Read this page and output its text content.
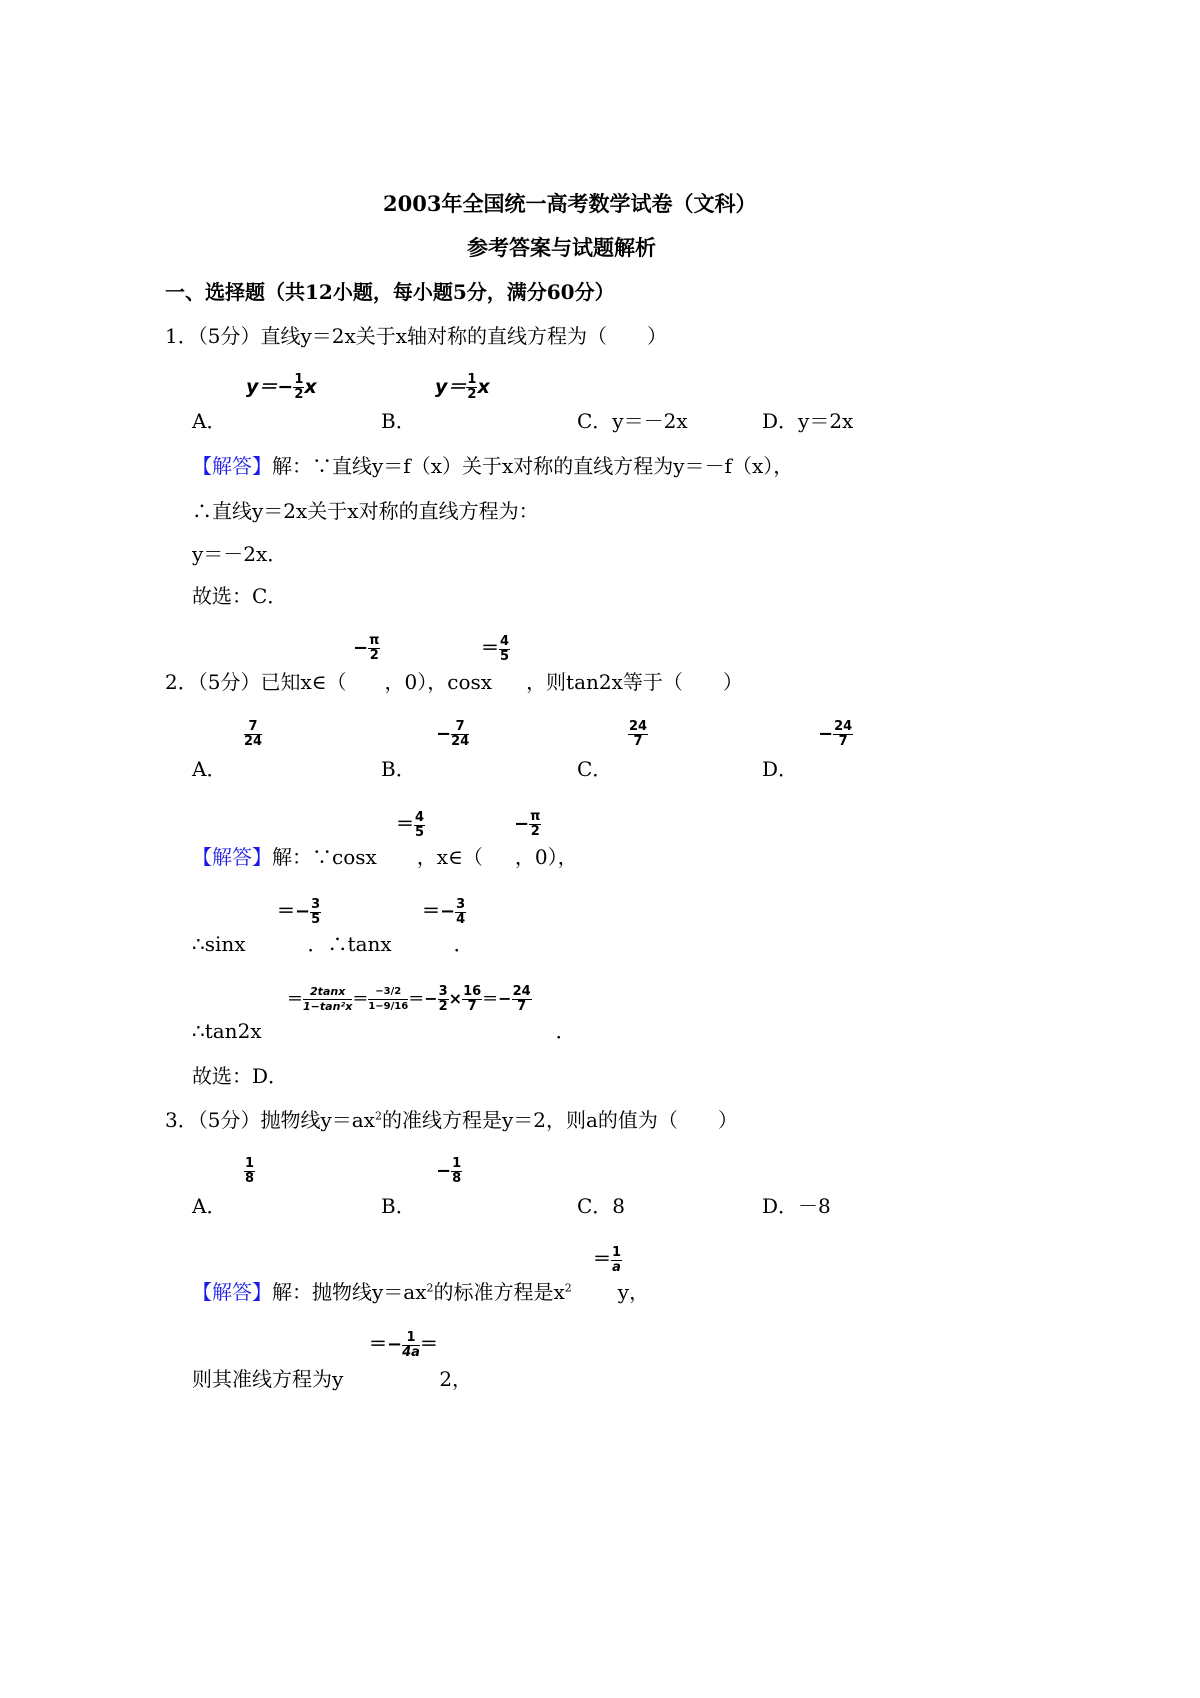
2003年全国统一高考数学试卷（文科）
参考答案与试题解析
一、选择题（共12小题，每小题5分，满分60分）
1．（5分）直线y＝2x关于x轴对称的直线方程为（　　）
A．
$y=- \frac{1}{2}$ x
B．
$y= \frac{1}{2}$ x
C．y＝－2x	D．y＝2x
【解答】解：∵直线y＝f（x）关于x对称的直线方程为y＝－f（x），
∴直线y＝2x关于x对称的直线方程为：
y＝－2x．
故选：C．
2．（5分）已知x∈（ ，0），cosx ，则tan2x等于（　　）
− $\frac{\pi}{2}$	＝ $\frac{4}{5}$
A．
$\frac{7}{24}$
B．
− $\frac{7}{24}$
C．
$\frac{24}{7}$
D．
− $\frac{24}{7}$
【解答】解：∵cosx ，x∈（ ，0），
＝ $\frac{4}{5}$	− $\frac{\pi}{2}$
∴sinx	．∴tanx	．
＝− $\frac{3}{5}$	＝− $\frac{3}{4}$
∴tan2x	．
＝ $\frac{2\tan x}{\text{1−tan²x}} = \frac{-3/2}{1-9/16} =- \frac{3}{2} \times \frac{16}{7} =- \frac{24}{7}$
故选：D．
3．（5分）抛物线$y=ax^2$的准线方程是y＝2，则a的值为（　　）
A．
$\frac{1}{8}$
B．
− $\frac{1}{8}$
C．8	D．－8
【解答】解：抛物线$y=ax^2$的标准方程是$x^2$ y，
＝ $\frac{1}{a}$
则其准线方程为y	2，
＝− $\frac{1}{4a}$ ＝
